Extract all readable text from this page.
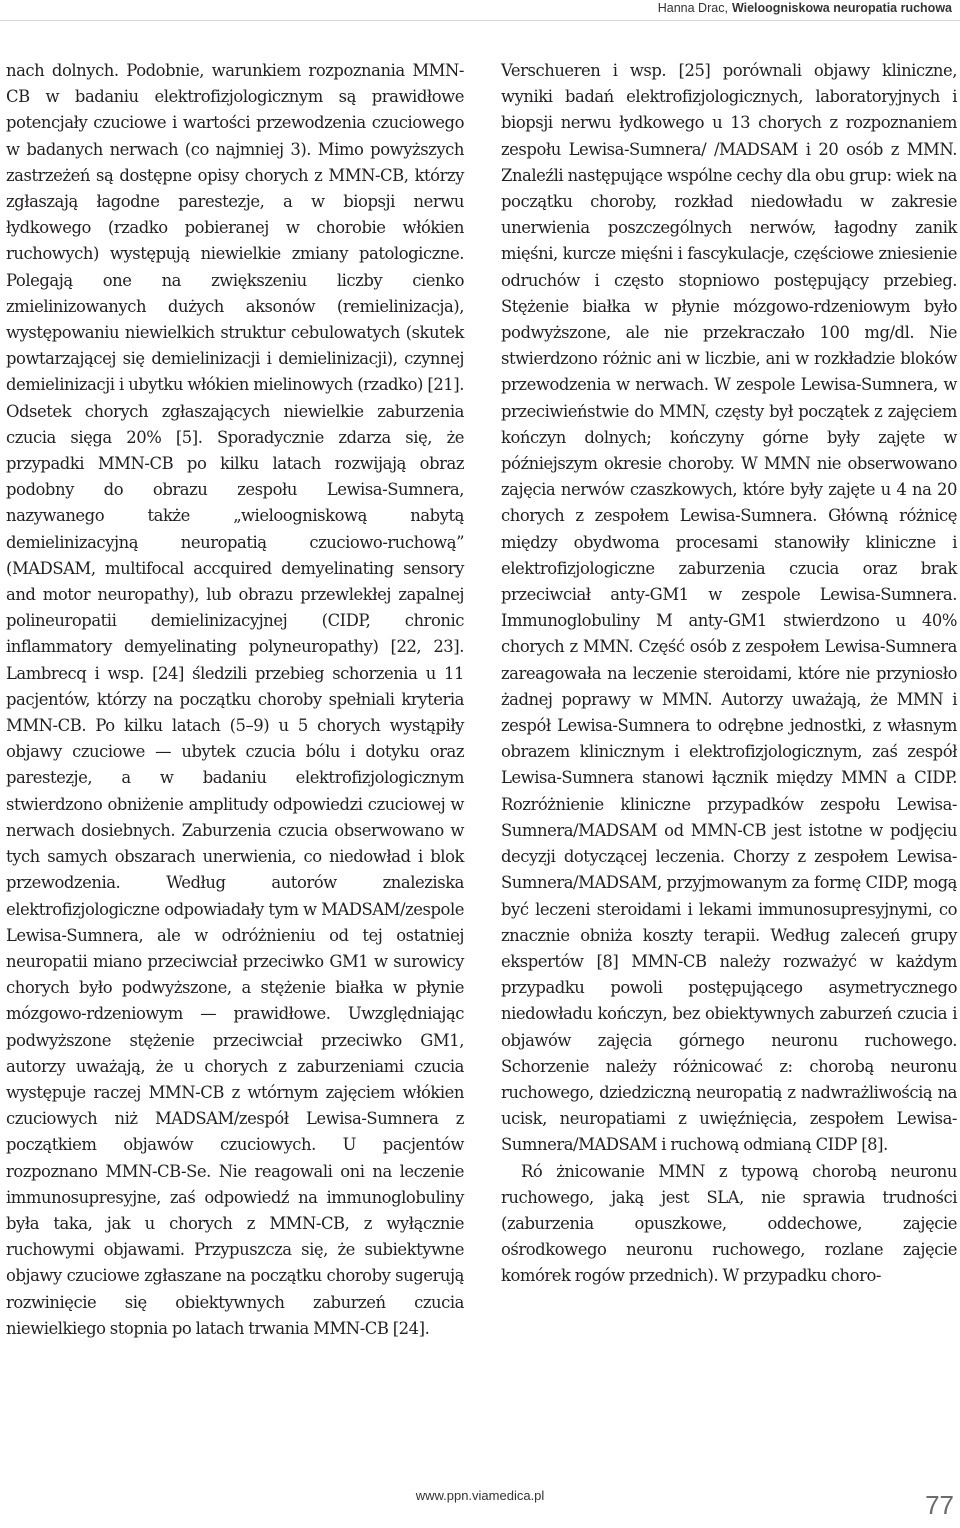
Hanna Drac, Wieloogniskowa neuropatia ruchowa

nach dolnych. Podobnie, warunkiem rozpoznania MMN-CB w badaniu elektrofizjologicznym są prawidłowe potencjały czuciowe i wartości przewodzenia czuciowego w badanych nerwach (co najmniej 3). Mimo powyższych zastrzeżeń są dostępne opisy chorych z MMN-CB, którzy zgłaszają łagodne parestezje, a w biopsji nerwu łydkowego (rzadko pobieranej w chorobie włókien ruchowych) występują niewielkie zmiany patologiczne. Polegają one na zwiększeniu liczby cienko zmielinizowanych dużych aksonów (remielinizacja), występowaniu niewielkich struktur cebulowatych (skutek powtarzającej się demielinizacji i demielinizacji), czynnej demielinizacji i ubytku włókien mielinowych (rzadko) [21]. Odsetek chorych zgłaszających niewielkie zaburzenia czucia sięga 20% [5]. Sporadycznie zdarza się, że przypadki MMN-CB po kilku latach rozwijają obraz podobny do obrazu zespołu Lewisa-Sumnera, nazywanego także „wieloogniskową nabytą demielinizacyjną neuropatią czuciowo-ruchową” (MADSAM, multifocal accquired demyelinating sensory and motor neuropathy), lub obrazu przewlekłej zapalnej polineuropatii demielinizacyjnej (CIDP, chronic inflammatory demyelinating polyneuropathy) [22, 23]. Lambrecq i wsp. [24] śledzili przebieg schorzenia u 11 pacjentów, którzy na początku choroby spełniali kryteria MMN-CB. Po kilku latach (5–9) u 5 chorych wystąpiły objawy czuciowe — ubytek czucia bólu i dotyku oraz parestezje, a w badaniu elektrofizjologicznym stwierdzono obniżenie amplitudy odpowiedzi czuciowej w nerwach dosiebnych. Zaburzenia czucia obserwowano w tych samych obszarach unerwienia, co niedowład i blok przewodzenia. Według autorów znaleziska elektrofizjologiczne odpowiadały tym w MADSAM/zespole Lewisa-Sumnera, ale w odróżnieniu od tej ostatniej neuropatii miano przeciwciał przeciwko GM1 w surowicy chorych było podwyższone, a stężenie białka w płynie mózgowo-rdzeniowym — prawidłowe. Uwzględniając podwyższone stężenie przeciwciał przeciwko GM1, autorzy uważają, że u chorych z zaburzeniami czucia występuje raczej MMN-CB z wtórnym zajęciem włókien czuciowych niż MADSAM/zespół Lewisa-Sumnera z początkiem objawów czuciowych. U pacjentów rozpoznano MMN-CB-Se. Nie reagowali oni na leczenie immunosupresyjne, zaś odpowiedź na immunoglobuliny była taka, jak u chorych z MMN-CB, z wyłącznie ruchowymi objawami. Przypuszcza się, że subiektywne objawy czuciowe zgłaszane na początku choroby sugerują rozwinięcie się obiektywnych zaburzeń czucia niewielkiego stopnia po latach trwania MMN-CB [24].

Verschueren i wsp. [25] porównali objawy kliniczne, wyniki badań elektrofizjologicznych, laboratoryjnych i biopsji nerwu łydkowego u 13 chorych z rozpoznaniem zespołu Lewisa-Sumnera/ /MADSAM i 20 osób z MMN. Znaleźli następujące wspólne cechy dla obu grup: wiek na początku choroby, rozkład niedowładu w zakresie unerwienia poszczególnych nerwów, łagodny zanik mięśni, kurcze mięśni i fascykulacje, częściowe zniesienie odruchów i często stopniowo postępujący przebieg. Stężenie białka w płynie mózgowo-rdzeniowym było podwyższone, ale nie przekraczało 100 mg/dl. Nie stwierdzono różnic ani w liczbie, ani w rozkładzie bloków przewodzenia w nerwach. W zespole Lewisa-Sumnera, w przeciwieństwie do MMN, częsty był początek z zajęciem kończyn dolnych; kończyny górne były zajęte w późniejszym okresie choroby. W MMN nie obserwowano zajęcia nerwów czaszkowych, które były zajęte u 4 na 20 chorych z zespołem Lewisa-Sumnera. Główną różnicę między obydwoma procesami stanowiły kliniczne i elektrofizjologiczne zaburzenia czucia oraz brak przeciwciał anty-GM1 w zespole Lewisa-Sumnera. Immunoglobuliny M anty-GM1 stwierdzono u 40% chorych z MMN. Część osób z zespołem Lewisa-Sumnera zareagowała na leczenie steroidami, które nie przyniosło żadnej poprawy w MMN. Autorzy uważają, że MMN i zespół Lewisa-Sumnera to odrębne jednostki, z własnym obrazem klinicznym i elektrofizjologicznym, zaś zespół Lewisa-Sumnera stanowi łącznik między MMN a CIDP. Rozróżnienie kliniczne przypadków zespołu Lewisa-Sumnera/MADSAM od MMN-CB jest istotne w podjęciu decyzji dotyczącej leczenia. Chorzy z zespołem Lewisa-Sumnera/MADSAM, przyjmowanym za formę CIDP, mogą być leczeni steroidami i lekami immunosupresyjnymi, co znacznie obniża koszty terapii. Według zaleceń grupy ekspertów [8] MMN-CB należy rozważyć w każdym przypadku powoli postępującego asymetrycznego niedowładu kończyn, bez obiektywnych zaburzeń czucia i objawów zajęcia górnego neuronu ruchowego. Schorzenie należy różnicować z: chorobą neuronu ruchowego, dziedziczną neuropatią z nadwrażliwością na ucisk, neuropatiami z uwięźnięcia, zespołem Lewisa-Sumnera/MADSAM i ruchową odmianą CIDP [8].

Ró żnicowanie MMN z typową chorobą neuronu ruchowego, jaką jest SLA, nie sprawia trudności (zaburzenia opuszkowe, oddechowe, zajęcie ośrodkowego neuronu ruchowego, rozlane zajęcie komórek rogów przednich). W przypadku choro-

www.ppn.viamedica.pl	77
